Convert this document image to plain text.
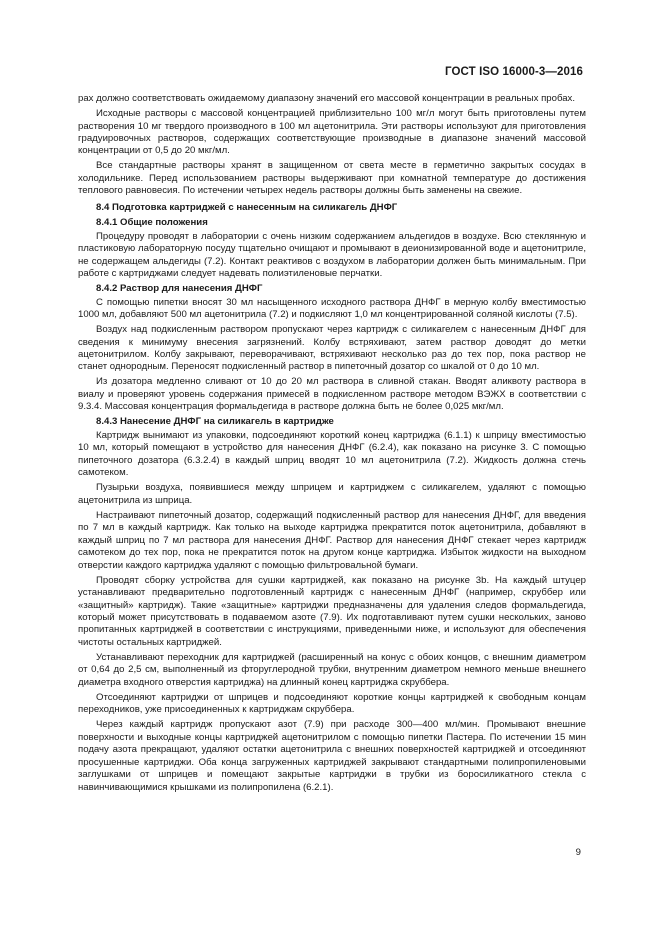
ГОСТ ISO 16000-3—2016

рах должно соответствовать ожидаемому диапазону значений его массовой концентрации в реальных пробах.

Исходные растворы с массовой концентрацией приблизительно 100 мг/л могут быть приготовлены путем растворения 10 мг твердого производного в 100 мл ацетонитрила. Эти растворы используют для приготовления градуировочных растворов, содержащих соответствующие производные в диапазоне значений массовой концентрации от 0,5 до 20 мкг/мл.

Все стандартные растворы хранят в защищенном от света месте в герметично закрытых сосудах в холодильнике. Перед использованием растворы выдерживают при комнатной температуре до достижения теплового равновесия. По истечении четырех недель растворы должны быть заменены на свежие.

8.4 Подготовка картриджей с нанесенным на силикагель ДНФГ
8.4.1 Общие положения

Процедуру проводят в лаборатории с очень низким содержанием альдегидов в воздухе. Всю стеклянную и пластиковую лабораторную посуду тщательно очищают и промывают в деионизированной воде и ацетонитриле, не содержащем альдегиды (7.2). Контакт реактивов с воздухом в лаборатории должен быть минимальным. При работе с картриджами следует надевать полиэтиленовые перчатки.

8.4.2 Раствор для нанесения ДНФГ

С помощью пипетки вносят 30 мл насыщенного исходного раствора ДНФГ в мерную колбу вместимостью 1000 мл, добавляют 500 мл ацетонитрила (7.2) и подкисляют 1,0 мл концентрированной соляной кислоты (7.5).

Воздух над подкисленным раствором пропускают через картридж с силикагелем с нанесенным ДНФГ для сведения к минимуму внесения загрязнений. Колбу встряхивают, затем раствор доводят до метки ацетонитрилом. Колбу закрывают, переворачивают, встряхивают несколько раз до тех пор, пока раствор не станет однородным. Переносят подкисленный раствор в пипеточный дозатор со шкалой от 0 до 10 мл.

Из дозатора медленно сливают от 10 до 20 мл раствора в сливной стакан. Вводят аликвоту раствора в виалу и проверяют уровень содержания примесей в подкисленном растворе методом ВЭЖХ в соответствии с 9.3.4. Массовая концентрация формальдегида в растворе должна быть не более 0,025 мкг/мл.

8.4.3 Нанесение ДНФГ на силикагель в картридже

Картридж вынимают из упаковки, подсоединяют короткий конец картриджа (6.1.1) к шприцу вместимостью 10 мл, который помещают в устройство для нанесения ДНФГ (6.2.4), как показано на рисунке 3. С помощью пипеточного дозатора (6.3.2.4) в каждый шприц вводят 10 мл ацетонитрила (7.2). Жидкость должна стечь самотеком.

Пузырьки воздуха, появившиеся между шприцем и картриджем с силикагелем, удаляют с помощью ацетонитрила из шприца.

Настраивают пипеточный дозатор, содержащий подкисленный раствор для нанесения ДНФГ, для введения по 7 мл в каждый картридж. Как только на выходе картриджа прекратится поток ацетонитрила, добавляют в каждый шприц по 7 мл раствора для нанесения ДНФГ. Раствор для нанесения ДНФГ стекает через картридж самотеком до тех пор, пока не прекратится поток на другом конце картриджа. Избыток жидкости на выходном отверстии каждого картриджа удаляют с помощью фильтровальной бумаги.

Проводят сборку устройства для сушки картриджей, как показано на рисунке 3b. На каждый штуцер устанавливают предварительно подготовленный картридж с нанесенным ДНФГ (например, скруббер или «защитный» картридж). Такие «защитные» картриджи предназначены для удаления следов формальдегида, который может присутствовать в подаваемом азоте (7.9). Их подготавливают путем сушки нескольких, заново пропитанных картриджей в соответствии с инструкциями, приведенными ниже, и используют для обеспечения чистоты остальных картриджей.

Устанавливают переходник для картриджей (расширенный на конус с обоих концов, с внешним диаметром от 0,64 до 2,5 см, выполненный из фторуглеродной трубки, внутренним диаметром немного меньше внешнего диаметра входного отверстия картриджа) на длинный конец картриджа скруббера.

Отсоединяют картриджи от шприцев и подсоединяют короткие концы картриджей к свободным концам переходников, уже присоединенных к картриджам скруббера.

Через каждый картридж пропускают азот (7.9) при расходе 300—400 мл/мин. Промывают внешние поверхности и выходные концы картриджей ацетонитрилом с помощью пипетки Пастера. По истечении 15 мин подачу азота прекращают, удаляют остатки ацетонитрила с внешних поверхностей картриджей и отсоединяют просушенные картриджи. Оба конца загруженных картриджей закрывают стандартными полипропиленовыми заглушками от шприцев и помещают закрытые картриджи в трубки из боросиликатного стекла с навинчивающимися крышками из полипропилена (6.2.1).

9
